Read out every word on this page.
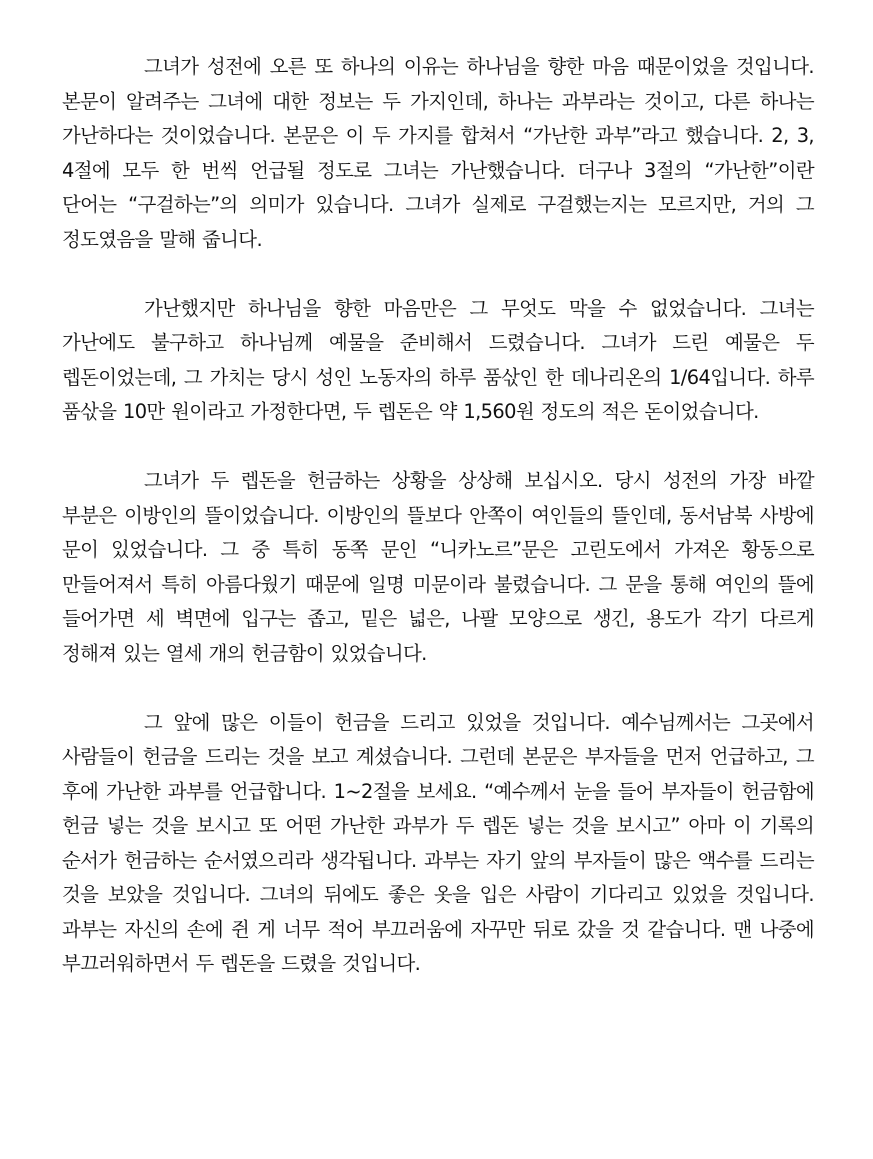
그녀가 성전에 오른 또 하나의 이유는 하나님을 향한 마음 때문이었을 것입니다. 본문이 알려주는 그녀에 대한 정보는 두 가지인데, 하나는 과부라는 것이고, 다른 하나는 가난하다는 것이었습니다. 본문은 이 두 가지를 합쳐서 “가난한 과부”라고 했습니다. 2, 3, 4절에 모두 한 번씩 언급될 정도로 그녀는 가난했습니다. 더구나 3절의 “가난한”이란 단어는 “구걸하는”의 의미가 있습니다. 그녀가 실제로 구걸했는지는 모르지만, 거의 그 정도였음을 말해 줍니다.

가난했지만 하나님을 향한 마음만은 그 무엇도 막을 수 없었습니다. 그녀는 가난에도 불구하고 하나님께 예물을 준비해서 드렸습니다. 그녀가 드린 예물은 두 렙돈이었는데, 그 가치는 당시 성인 노동자의 하루 품삯인 한 데나리온의 1/64입니다. 하루 품삯을 10만 원이라고 가정한다면, 두 렙돈은 약 1,560원 정도의 적은 돈이었습니다.

그녀가 두 렙돈을 헌금하는 상황을 상상해 보십시오. 당시 성전의 가장 바깥 부분은 이방인의 뜰이었습니다. 이방인의 뜰보다 안쪽이 여인들의 뜰인데, 동서남북 사방에 문이 있었습니다. 그 중 특히 동쪽 문인 “니카노르”문은 고린도에서 가져온 황동으로 만들어져서 특히 아름다웠기 때문에 일명 미문이라 불렸습니다. 그 문을 통해 여인의 뜰에 들어가면 세 벽면에 입구는 좁고, 밑은 넓은, 나팔 모양으로 생긴, 용도가 각기 다르게 정해져 있는 열세 개의 헌금함이 있었습니다.

그 앞에 많은 이들이 헌금을 드리고 있었을 것입니다. 예수님께서는 그곳에서 사람들이 헌금을 드리는 것을 보고 계셨습니다. 그런데 본문은 부자들을 먼저 언급하고, 그 후에 가난한 과부를 언급합니다. 1~2절을 보세요. “예수께서 눈을 들어 부자들이 헌금함에 헌금 넣는 것을 보시고 또 어떤 가난한 과부가 두 렙돈 넣는 것을 보시고” 아마 이 기록의 순서가 헌금하는 순서였으리라 생각됩니다. 과부는 자기 앞의 부자들이 많은 액수를 드리는 것을 보았을 것입니다. 그녀의 뒤에도 좋은 옷을 입은 사람이 기다리고 있었을 것입니다. 과부는 자신의 손에 쥔 게 너무 적어 부끄러움에 자꾸만 뒤로 갔을 것 같습니다. 맨 나중에 부끄러워하면서 두 렙돈을 드렸을 것입니다.
